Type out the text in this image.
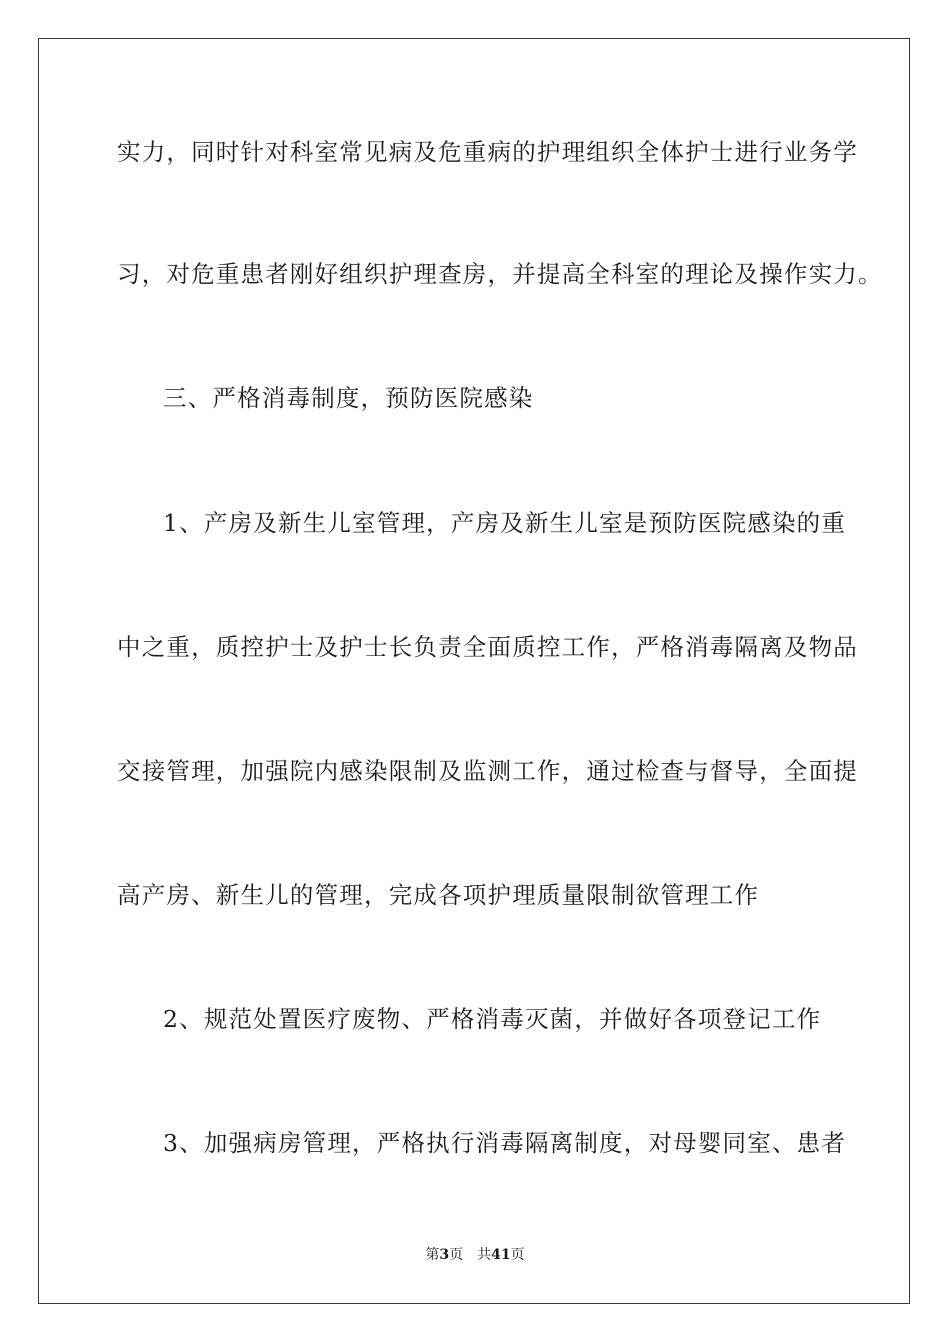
实力，同时针对科室常见病及危重病的护理组织全体护士进行业务学
习，对危重患者刚好组织护理查房，并提高全科室的理论及操作实力。
三、严格消毒制度，预防医院感染
1、产房及新生儿室管理，产房及新生儿室是预防医院感染的重
中之重，质控护士及护士长负责全面质控工作，严格消毒隔离及物品
交接管理，加强院内感染限制及监测工作，通过检查与督导，全面提
高产房、新生儿的管理，完成各项护理质量限制欲管理工作
2、规范处置医疗废物、严格消毒灭菌，并做好各项登记工作
3、加强病房管理，严格执行消毒隔离制度，对母婴同室、患者
第3页 共41页
